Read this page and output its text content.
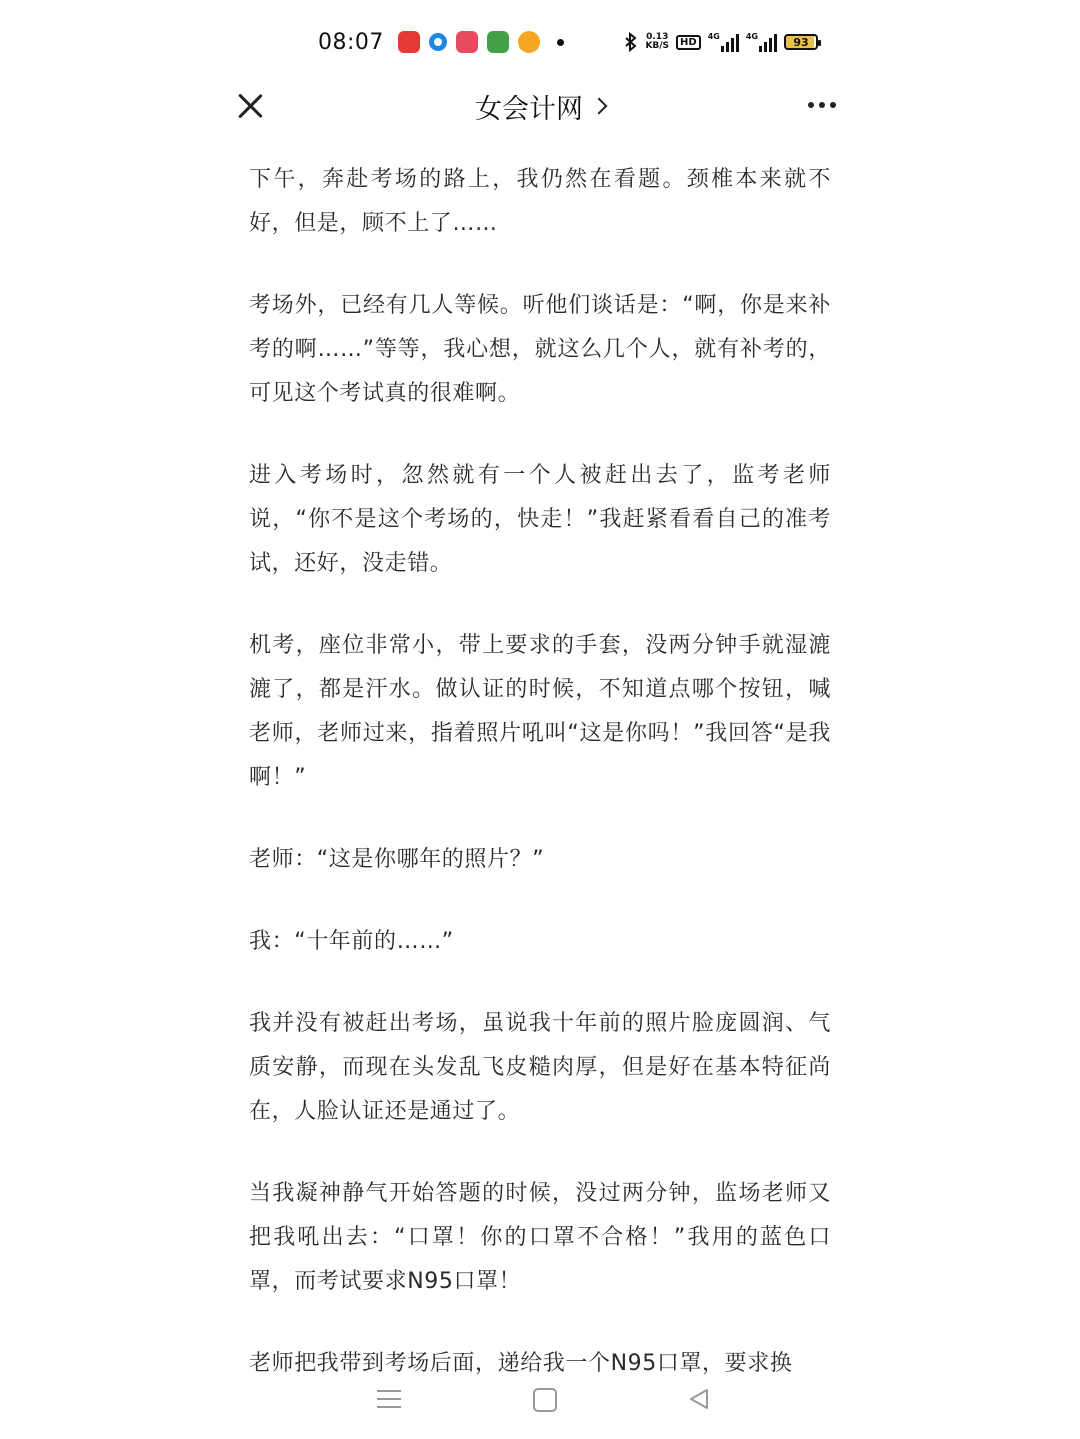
08:07	0.13
KB/S	HD	4G	4G	93
女会计网

下午，奔赴考场的路上，我仍然在看题。颈椎本来就不好，但是，顾不上了……

考场外，已经有几人等候。听他们谈话是：“啊，你是来补考的啊……”等等，我心想，就这么几个人，就有补考的，可见这个考试真的很难啊。

进入考场时，忽然就有一个人被赶出去了，监考老师说，“你不是这个考场的，快走！”我赶紧看看自己的准考试，还好，没走错。

机考，座位非常小，带上要求的手套，没两分钟手就湿漉漉了，都是汗水。做认证的时候，不知道点哪个按钮，喊老师，老师过来，指着照片吼叫“这是你吗！”我回答“是我啊！”

老师：“这是你哪年的照片？”

我：“十年前的……”

我并没有被赶出考场，虽说我十年前的照片脸庞圆润、气质安静，而现在头发乱飞皮糙肉厚，但是好在基本特征尚在，人脸认证还是通过了。

当我凝神静气开始答题的时候，没过两分钟，监场老师又把我吼出去：“口罩！你的口罩不合格！”我用的蓝色口罩，而考试要求N95口罩！

老师把我带到考场后面，递给我一个N95口罩，要求换
